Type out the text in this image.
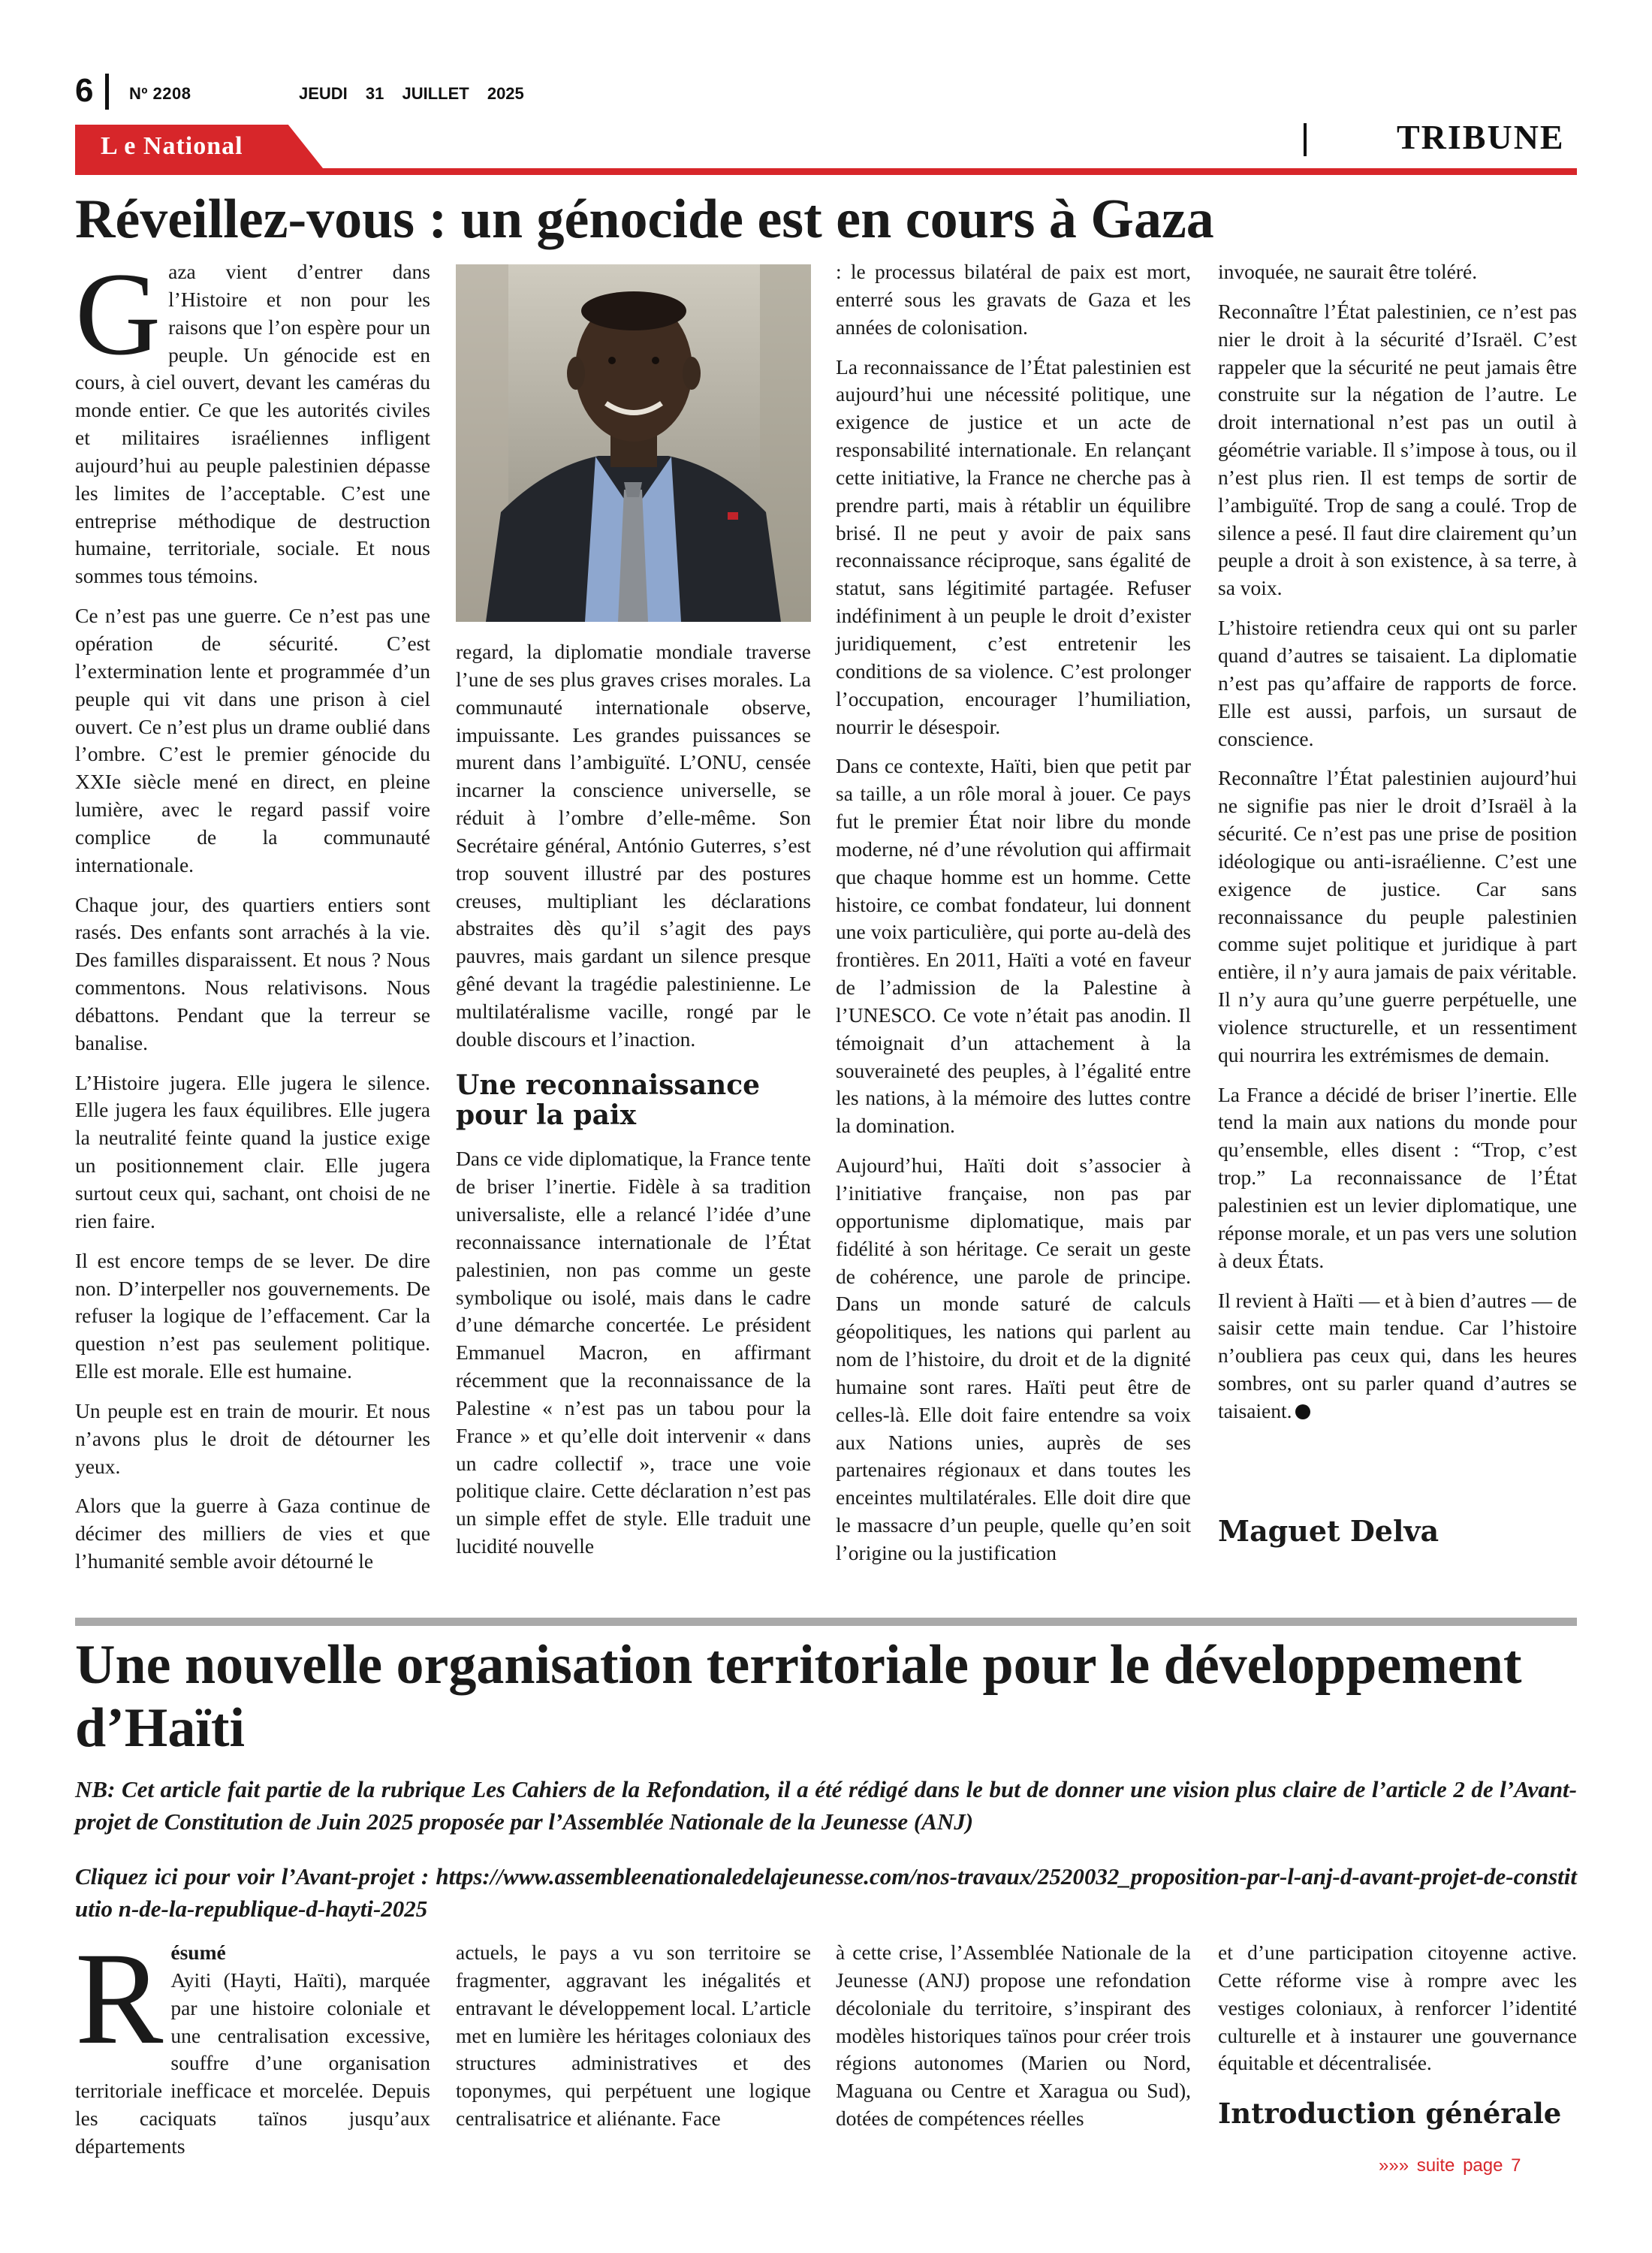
6 Nº 2208	JEUDI 31 JUILLET 2025
L e National	TRIBUNE
Réveillez-vous : un génocide est en cours à Gaza

Gaza vient d’entrer dans l’Histoire et non pour les raisons que l’on espère pour un peuple. Un génocide est en cours, à ciel ouvert, devant les caméras du monde entier. Ce que les autorités civiles et militaires israéliennes infligent aujourd’hui au peuple palestinien dépasse les limites de l’acceptable. C’est une entreprise méthodique de destruction humaine, territoriale, sociale. Et nous sommes tous témoins.

Ce n’est pas une guerre. Ce n’est pas une opération de sécurité. C’est l’extermination lente et programmée d’un peuple qui vit dans une prison à ciel ouvert. Ce n’est plus un drame oublié dans l’ombre. C’est le premier génocide du XXIe siècle mené en direct, en pleine lumière, avec le regard passif voire complice de la communauté internationale.

Chaque jour, des quartiers entiers sont rasés. Des enfants sont arrachés à la vie. Des familles disparaissent. Et nous ? Nous commentons. Nous relativisons. Nous débattons. Pendant que la terreur se banalise.

L’Histoire jugera. Elle jugera le silence. Elle jugera les faux équilibres. Elle jugera la neutralité feinte quand la justice exige un positionnement clair. Elle jugera surtout ceux qui, sachant, ont choisi de ne rien faire.

Il est encore temps de se lever. De dire non. D’interpeller nos gouvernements. De refuser la logique de l’effacement. Car la question n’est pas seulement politique. Elle est morale. Elle est humaine.

Un peuple est en train de mourir. Et nous n’avons plus le droit de détourner les yeux.

Alors que la guerre à Gaza continue de décimer des milliers de vies et que l’humanité semble avoir détourné le

regard, la diplomatie mondiale traverse l’une de ses plus graves crises morales. La communauté internationale observe, impuissante. Les grandes puissances se murent dans l’ambiguïté. L’ONU, censée incarner la conscience universelle, se réduit à l’ombre d’elle-même. Son Secrétaire général, António Guterres, s’est trop souvent illustré par des postures creuses, multipliant les déclarations abstraites dès qu’il s’agit des pays pauvres, mais gardant un silence presque gêné devant la tragédie palestinienne. Le multilatéralisme vacille, rongé par le double discours et l’inaction.

Une reconnaissance pour la paix

Dans ce vide diplomatique, la France tente de briser l’inertie. Fidèle à sa tradition universaliste, elle a relancé l’idée d’une reconnaissance internationale de l’État palestinien, non pas comme un geste symbolique ou isolé, mais dans le cadre d’une démarche concertée. Le président Emmanuel Macron, en affirmant récemment que la reconnaissance de la Palestine « n’est pas un tabou pour la France » et qu’elle doit intervenir « dans un cadre collectif », trace une voie politique claire. Cette déclaration n’est pas un simple effet de style. Elle traduit une lucidité nouvelle

: le processus bilatéral de paix est mort, enterré sous les gravats de Gaza et les années de colonisation.

La reconnaissance de l’État palestinien est aujourd’hui une nécessité politique, une exigence de justice et un acte de responsabilité internationale. En relançant cette initiative, la France ne cherche pas à prendre parti, mais à rétablir un équilibre brisé. Il ne peut y avoir de paix sans reconnaissance réciproque, sans égalité de statut, sans légitimité partagée. Refuser indéfiniment à un peuple le droit d’exister juridiquement, c’est entretenir les conditions de sa violence. C’est prolonger l’occupation, encourager l’humiliation, nourrir le désespoir.

Dans ce contexte, Haïti, bien que petit par sa taille, a un rôle moral à jouer. Ce pays fut le premier État noir libre du monde moderne, né d’une révolution qui affirmait que chaque homme est un homme. Cette histoire, ce combat fondateur, lui donnent une voix particulière, qui porte au-delà des frontières. En 2011, Haïti a voté en faveur de l’admission de la Palestine à l’UNESCO. Ce vote n’était pas anodin. Il témoignait d’un attachement à la souveraineté des peuples, à l’égalité entre les nations, à la mémoire des luttes contre la domination.

Aujourd’hui, Haïti doit s’associer à l’initiative française, non pas par opportunisme diplomatique, mais par fidélité à son héritage. Ce serait un geste de cohérence, une parole de principe. Dans un monde saturé de calculs géopolitiques, les nations qui parlent au nom de l’histoire, du droit et de la dignité humaine sont rares. Haïti peut être de celles-là. Elle doit faire entendre sa voix aux Nations unies, auprès de ses partenaires régionaux et dans toutes les enceintes multilatérales. Elle doit dire que le massacre d’un peuple, quelle qu’en soit l’origine ou la justification

invoquée, ne saurait être toléré.

Reconnaître l’État palestinien, ce n’est pas nier le droit à la sécurité d’Israël. C’est rappeler que la sécurité ne peut jamais être construite sur la négation de l’autre. Le droit international n’est pas un outil à géométrie variable. Il s’impose à tous, ou il n’est plus rien. Il est temps de sortir de l’ambiguïté. Trop de sang a coulé. Trop de silence a pesé. Il faut dire clairement qu’un peuple a droit à son existence, à sa terre, à sa voix.

L’histoire retiendra ceux qui ont su parler quand d’autres se taisaient. La diplomatie n’est pas qu’affaire de rapports de force. Elle est aussi, parfois, un sursaut de conscience.

Reconnaître l’État palestinien aujourd’hui ne signifie pas nier le droit d’Israël à la sécurité. Ce n’est pas une prise de position idéologique ou anti-israélienne. C’est une exigence de justice. Car sans reconnaissance du peuple palestinien comme sujet politique et juridique à part entière, il n’y aura jamais de paix véritable. Il n’y aura qu’une guerre perpétuelle, une violence structurelle, et un ressentiment qui nourrira les extrémismes de demain.

La France a décidé de briser l’inertie. Elle tend la main aux nations du monde pour qu’ensemble, elles disent : “Trop, c’est trop.” La reconnaissance de l’État palestinien est un levier diplomatique, une réponse morale, et un pas vers une solution à deux États.

Il revient à Haïti — et à bien d’autres — de saisir cette main tendue. Car l’histoire n’oubliera pas ceux qui, dans les heures sombres, ont su parler quand d’autres se taisaient.

Maguet Delva
Une nouvelle organisation territoriale pour le développement d’Haïti
NB: Cet article fait partie de la rubrique Les Cahiers de la Refondation, il a été rédigé dans le but de donner une vision plus claire de l’article 2 de l’Avant-projet de Constitution de Juin 2025 proposée par l’Assemblée Nationale de la Jeunesse (ANJ)
Cliquez ici pour voir l’Avant-projet : https://www.assembleenationaledelajeunesse.com/nos-travaux/2520032_proposition-par-l-anj-d-avant-projet-de-constitutio n-de-la-republique-d-hayti-2025
R ésumé
Ayiti (Hayti, Haïti), marquée par une histoire coloniale et une centralisation excessive, souffre d’une organisation territoriale inefficace et morcelée. Depuis les caciquats taïnos jusqu’aux départements
actuels, le pays a vu son territoire se fragmenter, aggravant les inégalités et entravant le développement local. L’article met en lumière les héritages coloniaux des structures administratives et des toponymes, qui perpétuent une logique centralisatrice et aliénante. Face
à cette crise, l’Assemblée Nationale de la Jeunesse (ANJ) propose une refondation décoloniale du territoire, s’inspirant des modèles historiques taïnos pour créer trois régions autonomes (Marien ou Nord, Maguana ou Centre et Xaragua ou Sud), dotées de compétences réelles
et d’une participation citoyenne active. Cette réforme vise à rompre avec les vestiges coloniaux, à renforcer l’identité culturelle et à instaurer une gouvernance équitable et décentralisée.
Introduction générale
»»» suite page 7
